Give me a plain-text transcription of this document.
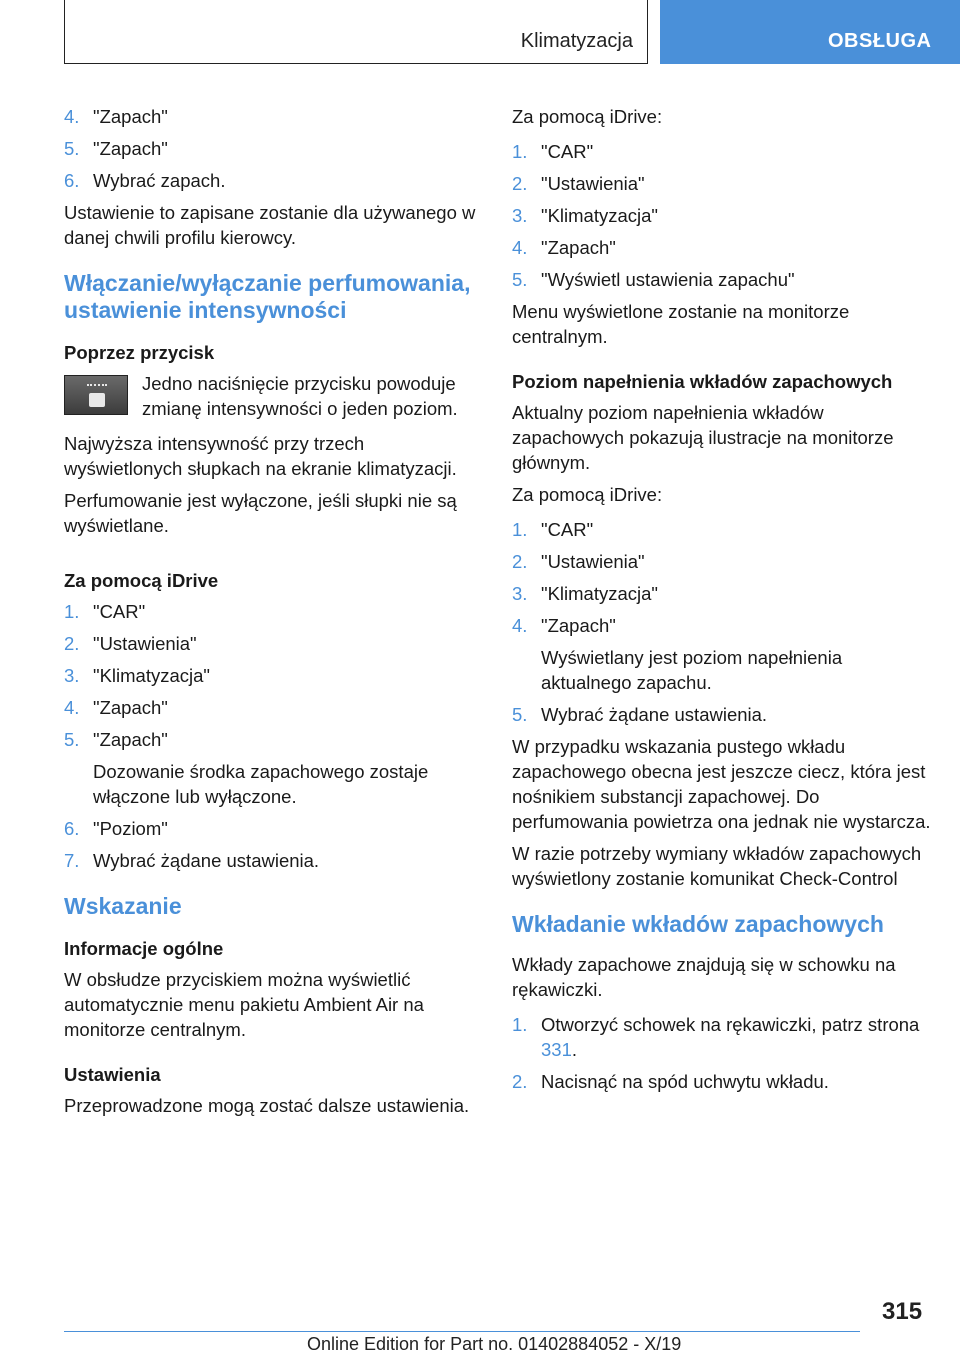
Klimatyzacja	OBSŁUGA
4. "Zapach"
5. "Zapach"
6. Wybrać zapach.

Ustawienie to zapisane zostanie dla używanego w danej chwili profilu kierowcy.

Włączanie/wyłączanie perfumowania, ustawienie intensywności
Poprzez przycisk
Jedno naciśnięcie przycisku powoduje zmianę intensywności o jeden poziom.

Najwyższa intensywność przy trzech wyświetlonych słupkach na ekranie klimatyzacji.

Perfumowanie jest wyłączone, jeśli słupki nie są wyświetlane.

Za pomocą iDrive
1. "CAR"
2. "Ustawienia"
3. "Klimatyzacja"
4. "Zapach"
5. "Zapach"
Dozowanie środka zapachowego zostaje włączone lub wyłączone.
6. "Poziom"
7. Wybrać żądane ustawienia.
Wskazanie
Informacje ogólne

W obsłudze przyciskiem można wyświetlić automatycznie menu pakietu Ambient Air na monitorze centralnym.

Ustawienia

Przeprowadzone mogą zostać dalsze ustawienia.

Za pomocą iDrive:

1. "CAR"
2. "Ustawienia"
3. "Klimatyzacja"
4. "Zapach"
5. "Wyświetl ustawienia zapachu"

Menu wyświetlone zostanie na monitorze centralnym.

Poziom napełnienia wkładów zapachowych

Aktualny poziom napełnienia wkładów zapachowych pokazują ilustracje na monitorze głównym.

Za pomocą iDrive:

1. "CAR"
2. "Ustawienia"
3. "Klimatyzacja"
4. "Zapach"
Wyświetlany jest poziom napełnienia aktualnego zapachu.
5. Wybrać żądane ustawienia.

W przypadku wskazania pustego wkładu zapachowego obecna jest jeszcze ciecz, która jest nośnikiem substancji zapachowej. Do perfumowania powietrza ona jednak nie wystarcza.

W razie potrzeby wymiany wkładów zapachowych wyświetlony zostanie komunikat Check-Control

Wkładanie wkładów zapachowych

Wkłady zapachowe znajdują się w schowku na rękawiczki.

1. Otworzyć schowek na rękawiczki, patrz strona 331.
2. Nacisnąć na spód uchwytu wkładu.
315
Online Edition for Part no. 01402884052 - X/19
